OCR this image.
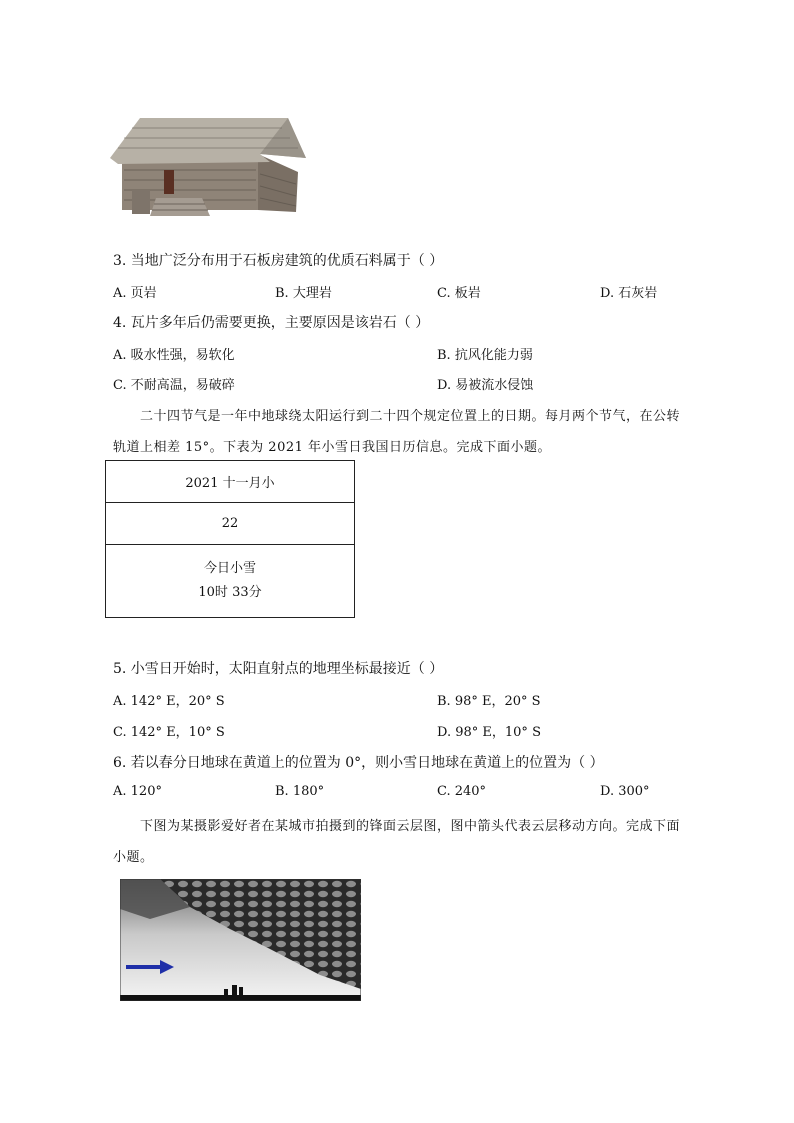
3. 当地广泛分布用于石板房建筑的优质石料属于（ ）
A. 页岩	B. 大理岩	C. 板岩	D. 石灰岩
4. 瓦片多年后仍需要更换，主要原因是该岩石（ ）
A. 吸水性强，易软化	B. 抗风化能力弱
C. 不耐高温，易破碎	D. 易被流水侵蚀
二十四节气是一年中地球绕太阳运行到二十四个规定位置上的日期。每月两个节气，在公转
轨道上相差 15°。下表为 2021 年小雪日我国日历信息。完成下面小题。
2021 十一月小
22

今日小雪
10时 33分
5. 小雪日开始时，太阳直射点的地理坐标最接近（ ）
A. 142° E，20° S	B. 98° E，20° S
C. 142° E，10° S	D. 98° E，10° S
6. 若以春分日地球在黄道上的位置为 0°，则小雪日地球在黄道上的位置为（ ）
A. 120°	B. 180°	C. 240°	D. 300°
下图为某摄影爱好者在某城市拍摄到的锋面云层图，图中箭头代表云层移动方向。完成下面
小题。
